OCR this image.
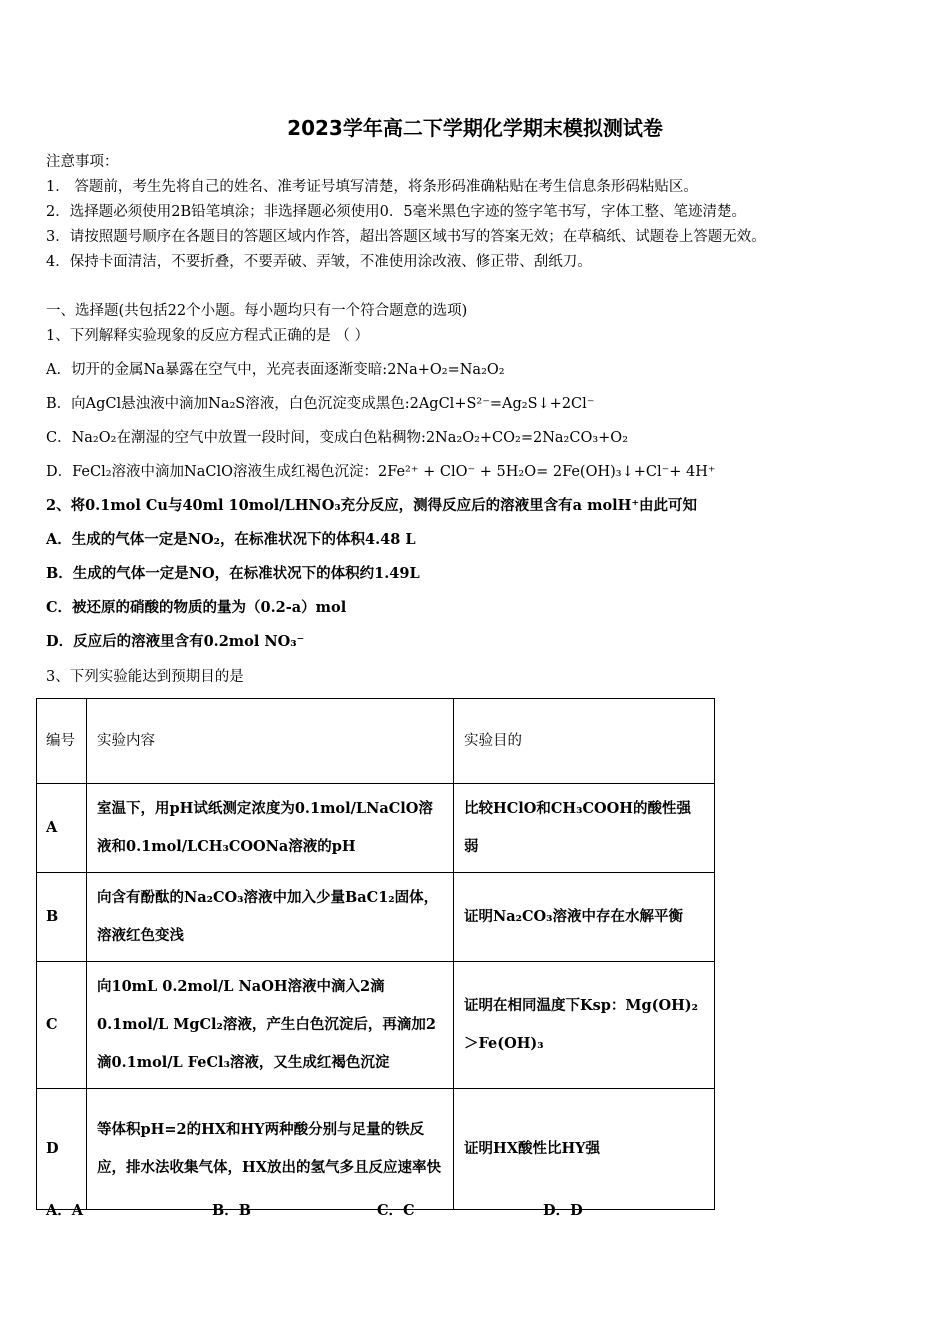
2023学年高二下学期化学期末模拟测试卷
注意事项：
1． 答题前，考生先将自己的姓名、准考证号填写清楚，将条形码准确粘贴在考生信息条形码粘贴区。
2．选择题必须使用2B铅笔填涂；非选择题必须使用0．5毫米黑色字迹的签字笔书写，字体工整、笔迹清楚。
3．请按照题号顺序在各题目的答题区域内作答，超出答题区域书写的答案无效；在草稿纸、试题卷上答题无效。
4．保持卡面清洁，不要折叠，不要弄破、弄皱，不准使用涂改液、修正带、刮纸刀。
一、选择题(共包括22个小题。每小题均只有一个符合题意的选项)
1、下列解释实验现象的反应方程式正确的是 （ ）
A．切开的金属Na暴露在空气中，光亮表面逐渐变暗:2Na+O₂=Na₂O₂
B．向AgCl悬浊液中滴加Na₂S溶液，白色沉淀变成黑色:2AgCl+S²⁻=Ag₂S↓+2Cl⁻
C．Na₂O₂在潮湿的空气中放置一段时间，变成白色粘稠物:2Na₂O₂+CO₂=2Na₂CO₃+O₂
D．FeCl₂溶液中滴加NaClO溶液生成红褐色沉淀：2Fe²⁺ + ClO⁻ + 5H₂O= 2Fe(OH)₃↓+Cl⁻+ 4H⁺
2、将0.1mol Cu与40ml 10mol/LHNO₃充分反应，测得反应后的溶液里含有a molH⁺由此可知
A．生成的气体一定是NO₂，在标准状况下的体积4.48 L
B．生成的气体一定是NO，在标准状况下的体积约1.49L
C．被还原的硝酸的物质的量为（0.2-a）mol
D．反应后的溶液里含有0.2mol NO₃⁻
3、下列实验能达到预期目的是
编号	实验内容	实验目的
A	室温下，用pH试纸测定浓度为0.1mol/LNaClO溶液和0.1mol/LCH₃COONa溶液的pH	比较HClO和CH₃COOH的酸性强弱
B	向含有酚酞的Na₂CO₃溶液中加入少量BaC1₂固体，溶液红色变浅	证明Na₂CO₃溶液中存在水解平衡
C	向10mL 0.2mol/L NaOH溶液中滴入2滴0.1mol/L MgCl₂溶液，产生白色沉淀后，再滴加2滴0.1mol/L FeCl₃溶液，又生成红褐色沉淀	证明在相同温度下Ksp：Mg(OH)₂＞Fe(OH)₃
D	等体积pH=2的HX和HY两种酸分别与足量的铁反应，排水法收集气体，HX放出的氢气多且反应速率快	证明HX酸性比HY强
A．A	B．B	C．C	D．D
